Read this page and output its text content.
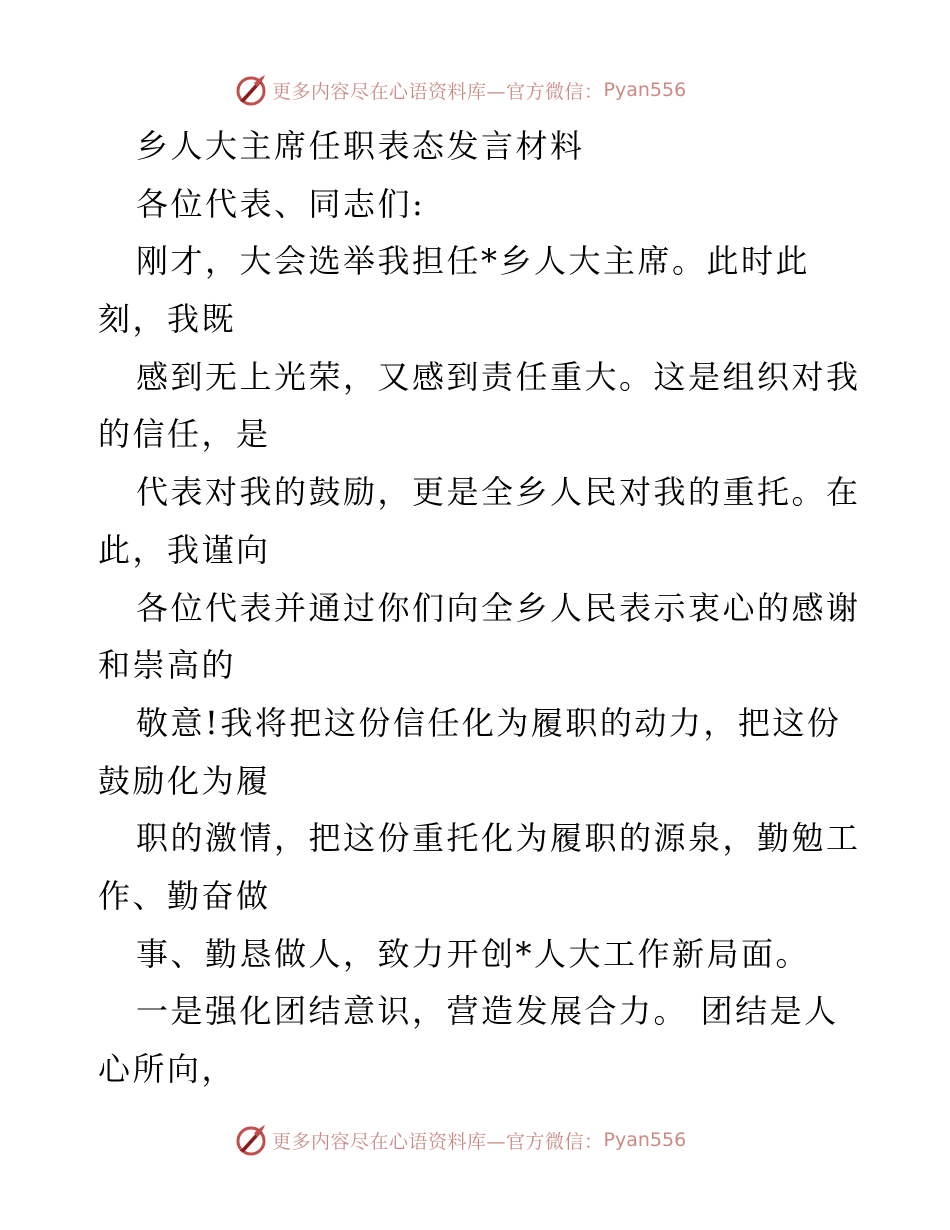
更多内容尽在心语资料库—官方微信： Pyan556
乡人大主席任职表态发言材料
各位代表、同志们:
刚才，大会选举我担任*乡人大主席。此时此
刻，我既
感到无上光荣，又感到责任重大。这是组织对我
的信任，是
代表对我的鼓励，更是全乡人民对我的重托。在
此，我谨向
各位代表并通过你们向全乡人民表示衷心的感谢
和崇高的
敬意!我将把这份信任化为履职的动力，把这份
鼓励化为履
职的激情，把这份重托化为履职的源泉，勤勉工
作、勤奋做
事、勤恳做人，致力开创*人大工作新局面。
一是强化团结意识，营造发展合力。 团结是人
心所向，
更多内容尽在心语资料库—官方微信： Pyan556
